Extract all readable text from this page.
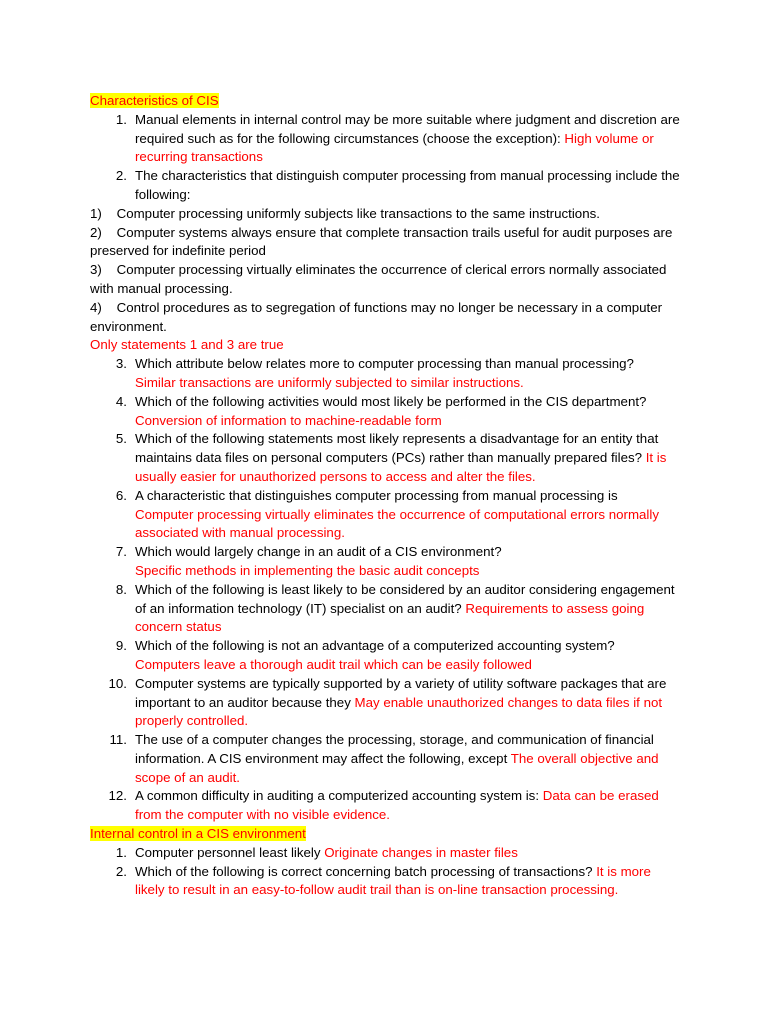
Characteristics of CIS
1. Manual elements in internal control may be more suitable where judgment and discretion are required such as for the following circumstances (choose the exception): High volume or recurring transactions
2. The characteristics that distinguish computer processing from manual processing include the following:
1)    Computer processing uniformly subjects like transactions to the same instructions.
2)    Computer systems always ensure that complete transaction trails useful for audit purposes are preserved for indefinite period
3)    Computer processing virtually eliminates the occurrence of clerical errors normally associated with manual processing.
4)    Control procedures as to segregation of functions may no longer be necessary in a computer environment.
Only statements 1 and 3 are true
3. Which attribute below relates more to computer processing than manual processing?
Similar transactions are uniformly subjected to similar instructions.
4. Which of the following activities would most likely be performed in the CIS department?
Conversion of information to machine-readable form
5. Which of the following statements most likely represents a disadvantage for an entity that maintains data files on personal computers (PCs) rather than manually prepared files? It is usually easier for unauthorized persons to access and alter the files.
6. A characteristic that distinguishes computer processing from manual processing is
Computer processing virtually eliminates the occurrence of computational errors normally associated with manual processing.
7. Which would largely change in an audit of a CIS environment?
Specific methods in implementing the basic audit concepts
8. Which of the following is least likely to be considered by an auditor considering engagement of an information technology (IT) specialist on an audit? Requirements to assess going concern status
9. Which of the following is not an advantage of a computerized accounting system?
Computers leave a thorough audit trail which can be easily followed
10. Computer systems are typically supported by a variety of utility software packages that are important to an auditor because they May enable unauthorized changes to data files if not properly controlled.
11. The use of a computer changes the processing, storage, and communication of financial information. A CIS environment may affect the following, except The overall objective and scope of an audit.
12. A common difficulty in auditing a computerized accounting system is: Data can be erased from the computer with no visible evidence.
Internal control in a CIS environment
1. Computer personnel least likely Originate changes in master files
2. Which of the following is correct concerning batch processing of transactions? It is more likely to result in an easy-to-follow audit trail than is on-line transaction processing.
